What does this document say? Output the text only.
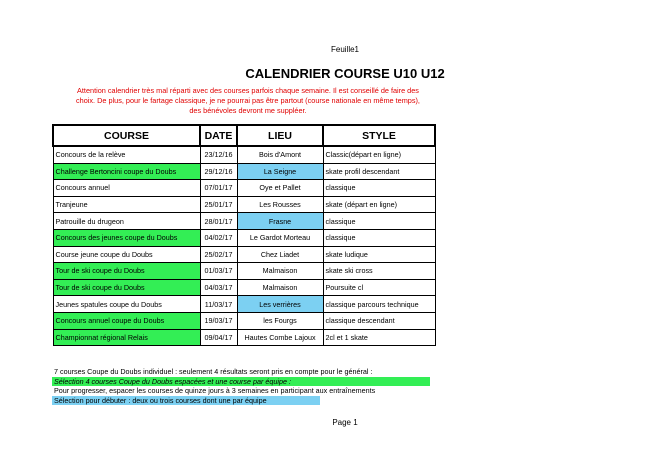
Feuille1
CALENDRIER COURSE U10 U12
Attention calendrier très mal réparti avec des courses parfois chaque semaine. Il est conseillé de faire des
choix. De plus, pour le fartage classique, je ne pourrai pas être partout (course nationale en même temps),
des bénévoles devront me suppléer.
COURSE	DATE	LIEU	STYLE
Concours de la relève	23/12/16	Bois d'Amont	Classic(départ en ligne)
Challenge Bertoncini coupe du Doubs	29/12/16	La Seigne	skate profil descendant
Concours annuel	07/01/17	Oye et Pallet	classique
Tranjeune	25/01/17	Les Rousses	skate (départ en ligne)
Patrouille du drugeon	28/01/17	Frasne	classique
Concours des jeunes coupe du Doubs	04/02/17	Le Gardot Morteau	classique
Course jeune coupe du Doubs	25/02/17	Chez Liadet	skate ludique
Tour de ski coupe du Doubs	01/03/17	Malmaison	skate ski cross
Tour de ski coupe du Doubs	04/03/17	Malmaison	Poursuite cl
Jeunes spatules coupe du Doubs	11/03/17	Les verrières	classique parcours technique
Concours annuel coupe du Doubs	19/03/17	les Fourgs	classique descendant
Championnat régional Relais	09/04/17	Hautes Combe Lajoux	2cl et 1 skate
7 courses Coupe du Doubs individuel : seulement 4 résultats seront pris en compte pour le général :
Sélection 4 courses Coupe du Doubs espacées et une course par équipe :
Pour progresser, espacer les courses de quinze jours à 3 semaines en participant aux entraînements
Sélection pour débuter : deux ou trois courses dont une par équipe
Page 1
